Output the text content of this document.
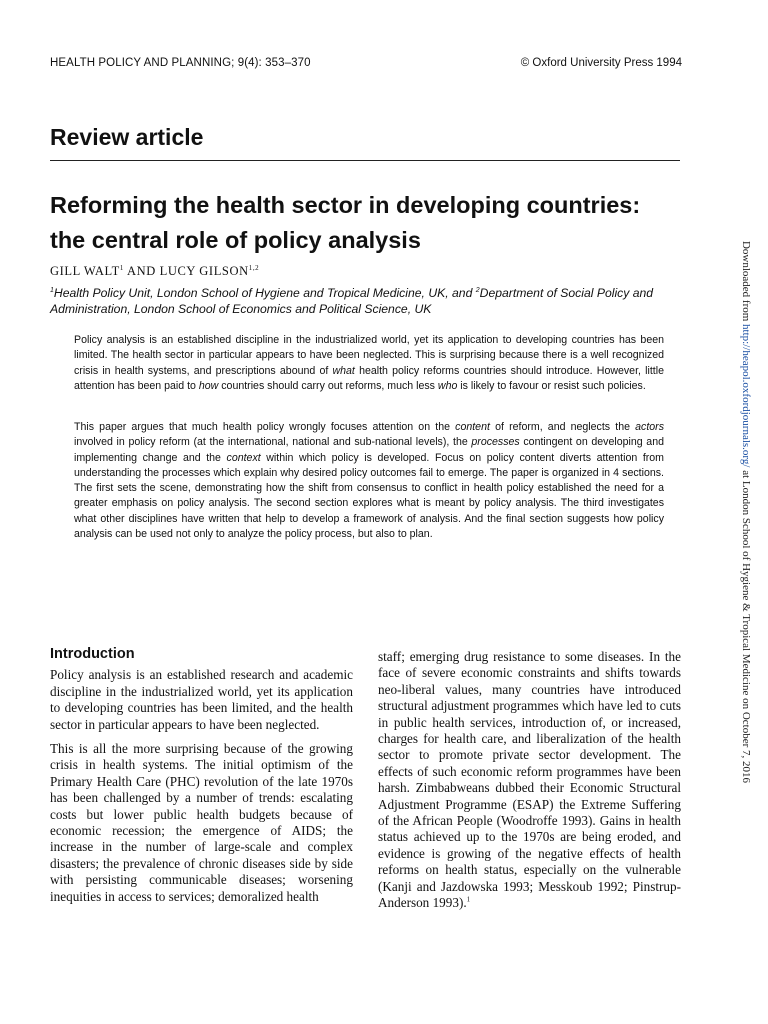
HEALTH POLICY AND PLANNING; 9(4): 353–370	© Oxford University Press 1994
Review article
Reforming the health sector in developing countries:
the central role of policy analysis
GILL WALT$^1$ AND LUCY GILSON$^{1,2}$
$^1$Health Policy Unit, London School of Hygiene and Tropical Medicine, UK, and $^2$Department of Social Policy and Administration, London School of Economics and Political Science, UK

Policy analysis is an established discipline in the industrialized world, yet its application to developing countries has been limited. The health sector in particular appears to have been neglected. This is surprising because there is a well recognized crisis in health systems, and prescriptions abound of what health policy reforms countries should introduce. However, little attention has been paid to how countries should carry out reforms, much less who is likely to favour or resist such policies.

This paper argues that much health policy wrongly focuses attention on the content of reform, and neglects the actors involved in policy reform (at the international, national and sub-national levels), the processes contingent on developing and implementing change and the context within which policy is developed. Focus on policy content diverts attention from understanding the processes which explain why desired policy outcomes fail to emerge. The paper is organized in 4 sections. The first sets the scene, demonstrating how the shift from consensus to conflict in health policy established the need for a greater emphasis on policy analysis. The second section explores what is meant by policy analysis. The third investigates what other disciplines have written that help to develop a framework of analysis. And the final section suggests how policy analysis can be used not only to analyze the policy process, but also to plan.

Introduction

Policy analysis is an established research and academic discipline in the industrialized world, yet its application to developing countries has been limited, and the health sector in particular appears to have been neglected.

This is all the more surprising because of the growing crisis in health systems. The initial optimism of the Primary Health Care (PHC) revolution of the late 1970s has been challenged by a number of trends: escalating costs but lower public health budgets because of economic recession; the emergence of AIDS; the increase in the number of large-scale and complex disasters; the prevalence of chronic diseases side by side with persisting communicable diseases; worsening inequities in access to services; demoralized health

staff; emerging drug resistance to some diseases. In the face of severe economic constraints and shifts towards neo-liberal values, many countries have introduced structural adjustment programmes which have led to cuts in public health services, introduction of, or increased, charges for health care, and liberalization of the health sector to promote private sector development. The effects of such economic reform programmes have been harsh. Zimbabweans dubbed their Economic Structural Adjustment Programme (ESAP) the Extreme Suffering of the African People (Woodroffe 1993). Gains in health status achieved up to the 1970s are being eroded, and evidence is growing of the negative effects of health reforms on health status, especially on the vulnerable (Kanji and Jazdowska 1993; Messkoub 1992; Pinstrup-Anderson 1993).$^1$

Downloaded from http://heapol.oxfordjournals.org/ at London School of Hygiene & Tropical Medicine on October 7, 2016
